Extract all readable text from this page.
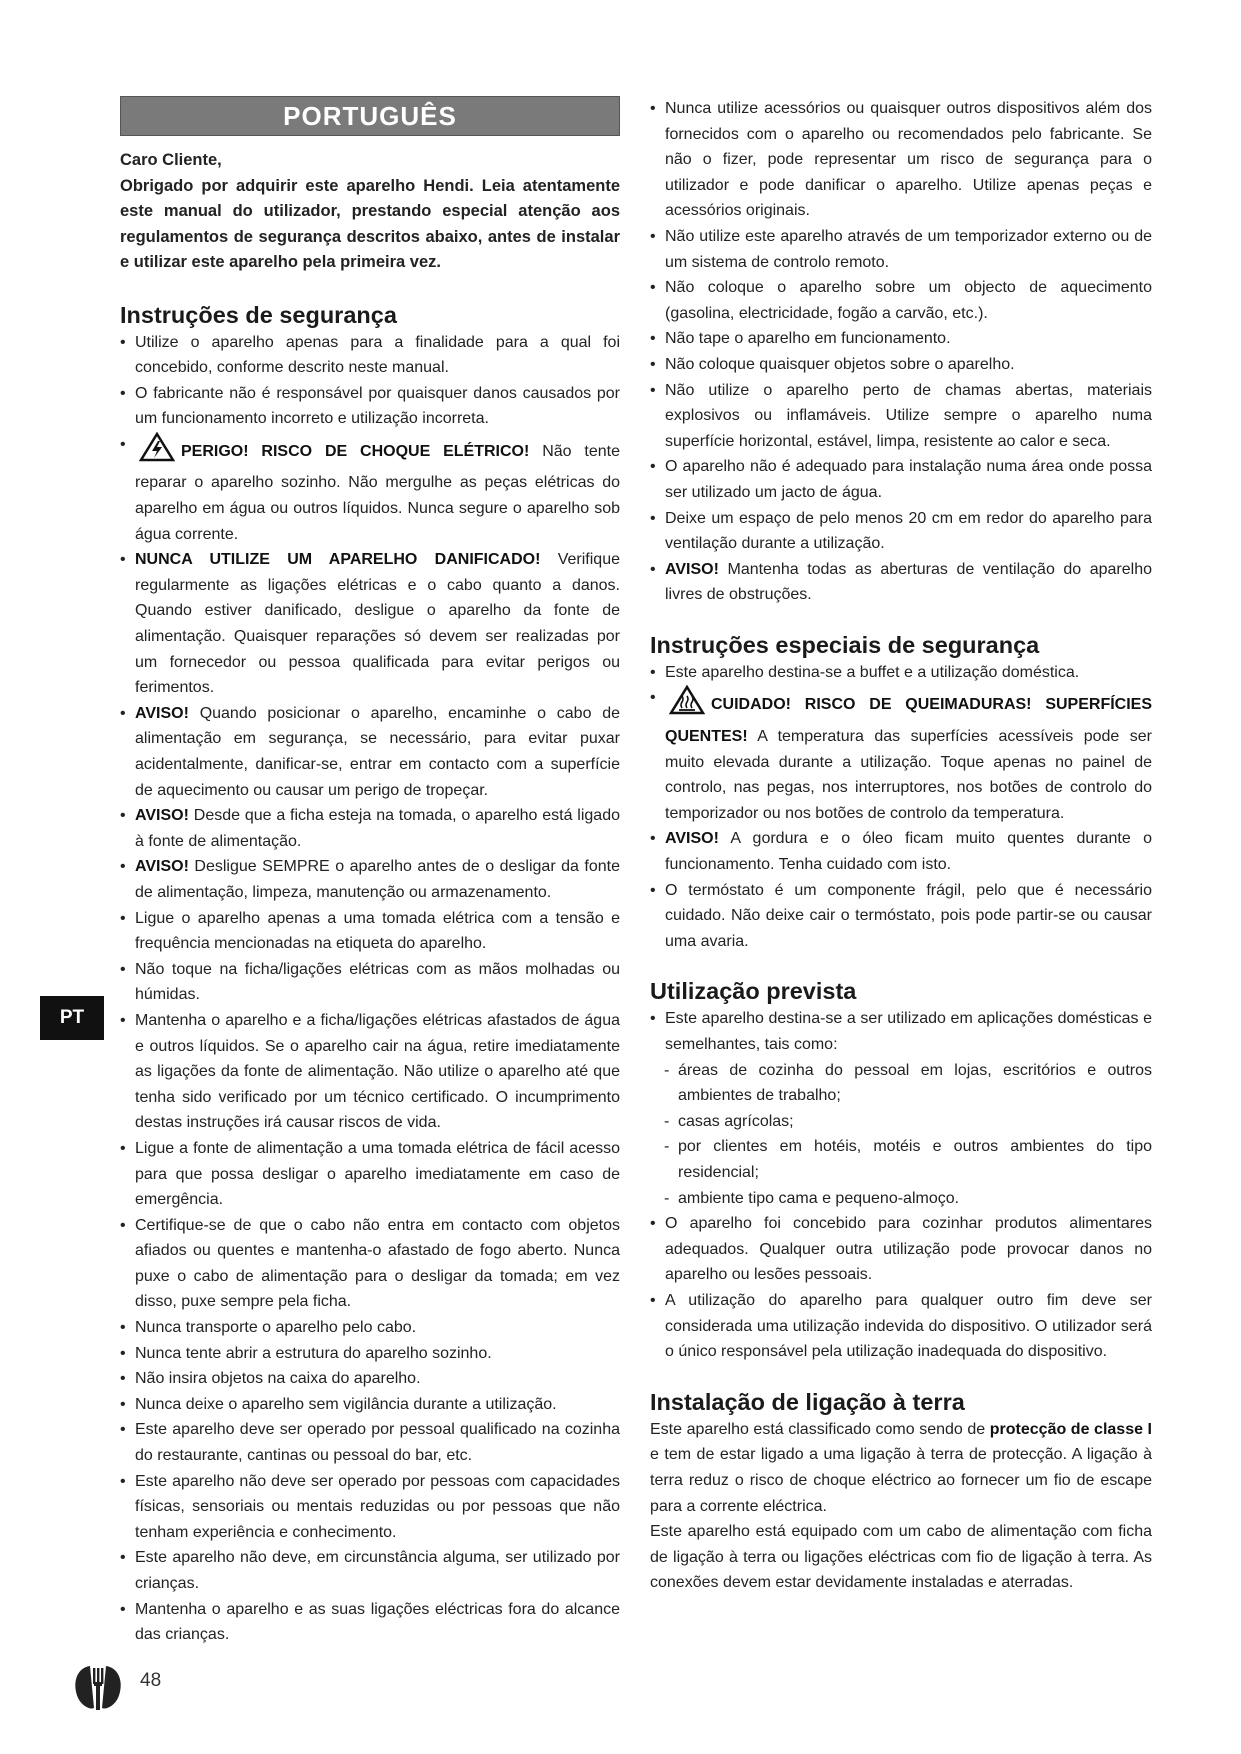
PORTUGUÊS
Caro Cliente,
Obrigado por adquirir este aparelho Hendi. Leia atentamente este manual do utilizador, prestando especial atenção aos regulamentos de segurança descritos abaixo, antes de instalar e utilizar este aparelho pela primeira vez.
Instruções de segurança
• Utilize o aparelho apenas para a finalidade para a qual foi concebido, conforme descrito neste manual.
• O fabricante não é responsável por quaisquer danos causados por um funcionamento incorreto e utilização incorreta.
•	PERIGO! RISCO DE CHOQUE ELÉTRICO! Não tente reparar o aparelho sozinho. Não mergulhe as peças elétricas do aparelho em água ou outros líquidos. Nunca segure o aparelho sob água corrente.
• NUNCA UTILIZE UM APARELHO DANIFICADO! Verifique regularmente as ligações elétricas e o cabo quanto a danos. Quando estiver danificado, desligue o aparelho da fonte de alimentação. Quaisquer reparações só devem ser realizadas por um fornecedor ou pessoa qualificada para evitar perigos ou ferimentos.
• AVISO! Quando posicionar o aparelho, encaminhe o cabo de alimentação em segurança, se necessário, para evitar puxar acidentalmente, danificar-se, entrar em contacto com a superfície de aquecimento ou causar um perigo de tropeçar.
• AVISO! Desde que a ficha esteja na tomada, o aparelho está ligado à fonte de alimentação.
• AVISO! Desligue SEMPRE o aparelho antes de o desligar da fonte de alimentação, limpeza, manutenção ou armazenamento.
• Ligue o aparelho apenas a uma tomada elétrica com a tensão e frequência mencionadas na etiqueta do aparelho.
• Não toque na ficha/ligações elétricas com as mãos molhadas ou húmidas.
• Mantenha o aparelho e a ficha/ligações elétricas afastados de água e outros líquidos. Se o aparelho cair na água, retire imediatamente as ligações da fonte de alimentação. Não utilize o aparelho até que tenha sido verificado por um técnico certificado. O incumprimento destas instruções irá causar riscos de vida.
• Ligue a fonte de alimentação a uma tomada elétrica de fácil acesso para que possa desligar o aparelho imediatamente em caso de emergência.
• Certifique-se de que o cabo não entra em contacto com objetos afiados ou quentes e mantenha-o afastado de fogo aberto. Nunca puxe o cabo de alimentação para o desligar da tomada; em vez disso, puxe sempre pela ficha.
• Nunca transporte o aparelho pelo cabo.
• Nunca tente abrir a estrutura do aparelho sozinho.
• Não insira objetos na caixa do aparelho.
• Nunca deixe o aparelho sem vigilância durante a utilização.
• Este aparelho deve ser operado por pessoal qualificado na cozinha do restaurante, cantinas ou pessoal do bar, etc.
• Este aparelho não deve ser operado por pessoas com capacidades físicas, sensoriais ou mentais reduzidas ou por pessoas que não tenham experiência e conhecimento.
• Este aparelho não deve, em circunstância alguma, ser utilizado por crianças.
• Mantenha o aparelho e as suas ligações eléctricas fora do alcance das crianças.
• Nunca utilize acessórios ou quaisquer outros dispositivos além dos fornecidos com o aparelho ou recomendados pelo fabricante. Se não o fizer, pode representar um risco de segurança para o utilizador e pode danificar o aparelho. Utilize apenas peças e acessórios originais.
• Não utilize este aparelho através de um temporizador externo ou de um sistema de controlo remoto.
• Não coloque o aparelho sobre um objecto de aquecimento (gasolina, electricidade, fogão a carvão, etc.).
• Não tape o aparelho em funcionamento.
• Não coloque quaisquer objetos sobre o aparelho.
• Não utilize o aparelho perto de chamas abertas, materiais explosivos ou inflamáveis. Utilize sempre o aparelho numa superfície horizontal, estável, limpa, resistente ao calor e seca.
• O aparelho não é adequado para instalação numa área onde possa ser utilizado um jacto de água.
• Deixe um espaço de pelo menos 20 cm em redor do aparelho para ventilação durante a utilização.
• AVISO! Mantenha todas as aberturas de ventilação do aparelho livres de obstruções.
Instruções especiais de segurança
• Este aparelho destina-se a buffet e a utilização doméstica.
•	CUIDADO! RISCO DE QUEIMADURAS! SUPERFÍCIES QUENTES! A temperatura das superfícies acessíveis pode ser muito elevada durante a utilização. Toque apenas no painel de controlo, nas pegas, nos interruptores, nos botões de controlo do temporizador ou nos botões de controlo da temperatura.
• AVISO! A gordura e o óleo ficam muito quentes durante o funcionamento. Tenha cuidado com isto.
• O termóstato é um componente frágil, pelo que é necessário cuidado. Não deixe cair o termóstato, pois pode partir-se ou causar uma avaria.
Utilização prevista
• Este aparelho destina-se a ser utilizado em aplicações domésticas e semelhantes, tais como:
- áreas de cozinha do pessoal em lojas, escritórios e outros ambientes de trabalho;
- casas agrícolas;
- por clientes em hotéis, motéis e outros ambientes do tipo residencial;
- ambiente tipo cama e pequeno-almoço.
• O aparelho foi concebido para cozinhar produtos alimentares adequados. Qualquer outra utilização pode provocar danos no aparelho ou lesões pessoais.
• A utilização do aparelho para qualquer outro fim deve ser considerada uma utilização indevida do dispositivo. O utilizador será o único responsável pela utilização inadequada do dispositivo.
Instalação de ligação à terra

Este aparelho está classificado como sendo de protecção de classe I e tem de estar ligado a uma ligação à terra de protecção. A ligação à terra reduz o risco de choque eléctrico ao fornecer um fio de escape para a corrente eléctrica.

Este aparelho está equipado com um cabo de alimentação com ficha de ligação à terra ou ligações eléctricas com fio de ligação à terra. As conexões devem estar devidamente instaladas e aterradas.

PT
48
